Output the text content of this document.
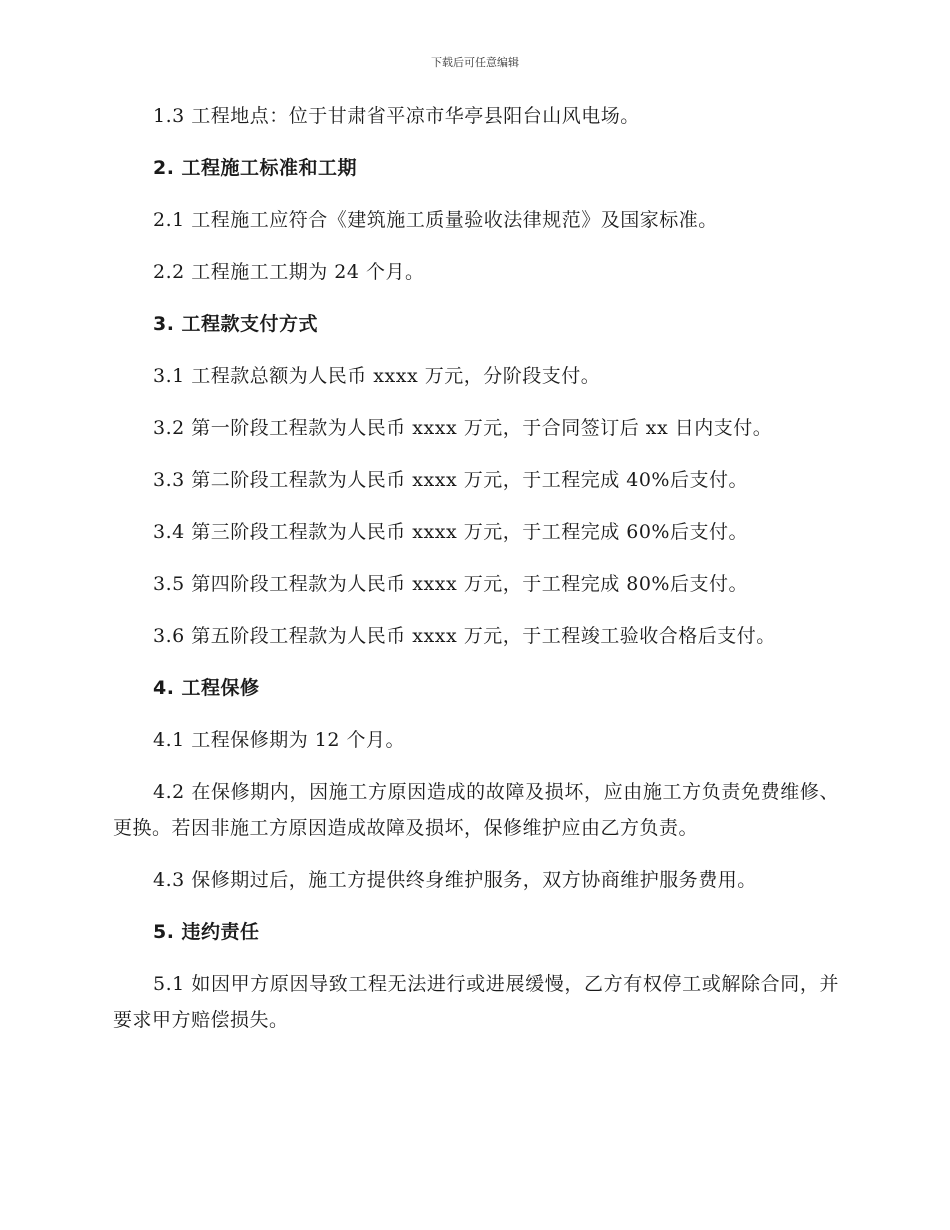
下载后可任意编辑

1.3 工程地点：位于甘肃省平凉市华亭县阳台山风电场。

2. 工程施工标准和工期

2.1 工程施工应符合《建筑施工质量验收法律规范》及国家标准。

2.2 工程施工工期为 24 个月。

3. 工程款支付方式

3.1 工程款总额为人民币 xxxx 万元，分阶段支付。

3.2 第一阶段工程款为人民币 xxxx 万元，于合同签订后 xx 日内支付。

3.3 第二阶段工程款为人民币 xxxx 万元，于工程完成 40%后支付。

3.4 第三阶段工程款为人民币 xxxx 万元，于工程完成 60%后支付。

3.5 第四阶段工程款为人民币 xxxx 万元，于工程完成 80%后支付。

3.6 第五阶段工程款为人民币 xxxx 万元，于工程竣工验收合格后支付。

4. 工程保修

4.1 工程保修期为 12 个月。

4.2 在保修期内，因施工方原因造成的故障及损坏，应由施工方负责免费维修、更换。若因非施工方原因造成故障及损坏，保修维护应由乙方负责。

4.3 保修期过后，施工方提供终身维护服务，双方协商维护服务费用。

5. 违约责任

5.1 如因甲方原因导致工程无法进行或进展缓慢，乙方有权停工或解除合同，并要求甲方赔偿损失。
